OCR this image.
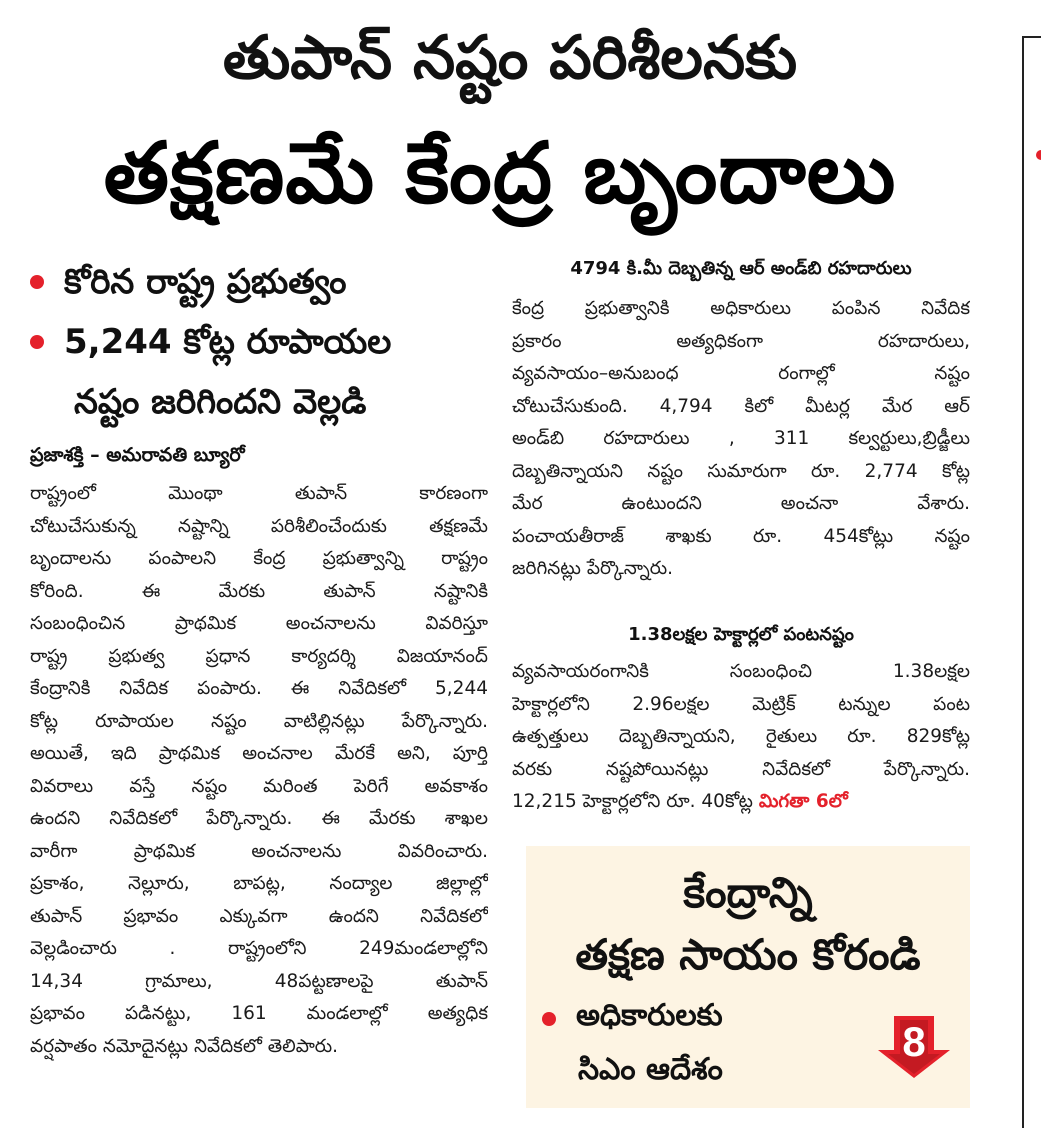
తుపాన్ నష్టం పరిశీలనకు
తక్షణమే కేంద్ర బృందాలు
కోరిన రాష్ట్ర ప్రభుత్వం
5,244 కోట్ల రూపాయల
నష్టం జరిగిందని వెల్లడి
ప్రజాశక్తి – అమరావతి బ్యూరో
రాష్ట్రంలో మొంథా తుపాన్ కారణంగా
చోటుచేసుకున్న నష్టాన్ని పరిశీలించేందుకు తక్షణమే
బృందాలను పంపాలని కేంద్ర ప్రభుత్వాన్ని రాష్ట్రం
కోరింది. ఈ మేరకు తుపాన్ నష్టానికి
సంబంధించిన ప్రాథమిక అంచనాలను వివరిస్తూ
రాష్ట్ర ప్రభుత్వ ప్రధాన కార్యదర్శి విజయానంద్
కేంద్రానికి నివేదిక పంపారు. ఈ నివేదికలో 5,244
కోట్ల రూపాయల నష్టం వాటిల్లినట్లు పేర్కొన్నారు.
అయితే, ఇది ప్రాథమిక అంచనాల మేరకే అని, పూర్తి
వివరాలు వస్తే నష్టం మరింత పెరిగే అవకాశం
ఉందని నివేదికలో పేర్కొన్నారు. ఈ మేరకు శాఖల
వారీగా ప్రాథమిక అంచనాలను వివరించారు.
ప్రకాశం, నెల్లూరు, బాపట్ల, నంద్యాల జిల్లాల్లో
తుపాన్ ప్రభావం ఎక్కువగా ఉందని నివేదికలో
వెల్లడించారు . రాష్ట్రంలోని 249మండలాల్లోని
14,34 గ్రామాలు, 48పట్టణాలపై తుపాన్
ప్రభావం పడినట్టు, 161 మండలాల్లో అత్యధిక
వర్షపాతం నమోదైనట్లు నివేదికలో తెలిపారు.
4794 కి.మీ దెబ్బతిన్న ఆర్ అండ్‌బి రహదారులు
కేంద్ర ప్రభుత్వానికి అధికారులు పంపిన నివేదిక
ప్రకారం అత్యధికంగా రహదారులు,
వ్యవసాయం–అనుబంధ రంగాల్లో నష్టం
చోటుచేసుకుంది. 4,794 కిలో మీటర్ల మేర ఆర్
అండ్‌బి రహదారులు , 311 కల్వర్టులు,బ్రిడ్జీలు
దెబ్బతిన్నాయని నష్టం సుమారుగా రూ. 2,774 కోట్ల
మేర ఉంటుందని అంచనా వేశారు.
పంచాయతీరాజ్ శాఖకు రూ. 454కోట్లు నష్టం
జరిగినట్లు పేర్కొన్నారు.
1.38లక్షల హెక్టార్లలో పంటనష్టం
వ్యవసాయరంగానికి సంబంధించి 1.38లక్షల
హెక్టార్లలోని 2.96లక్షల మెట్రిక్ టన్నుల పంట
ఉత్పత్తులు దెబ్బతిన్నాయని, రైతులు రూ. 829కోట్ల
వరకు నష్టపోయినట్లు నివేదికలో పేర్కొన్నారు.
12,215 హెక్టార్లలోని రూ. 40కోట్ల మిగతా 6లో
కేంద్రాన్ని
తక్షణ సాయం కోరండి
అధికారులకు
సిఎం ఆదేశం
8
